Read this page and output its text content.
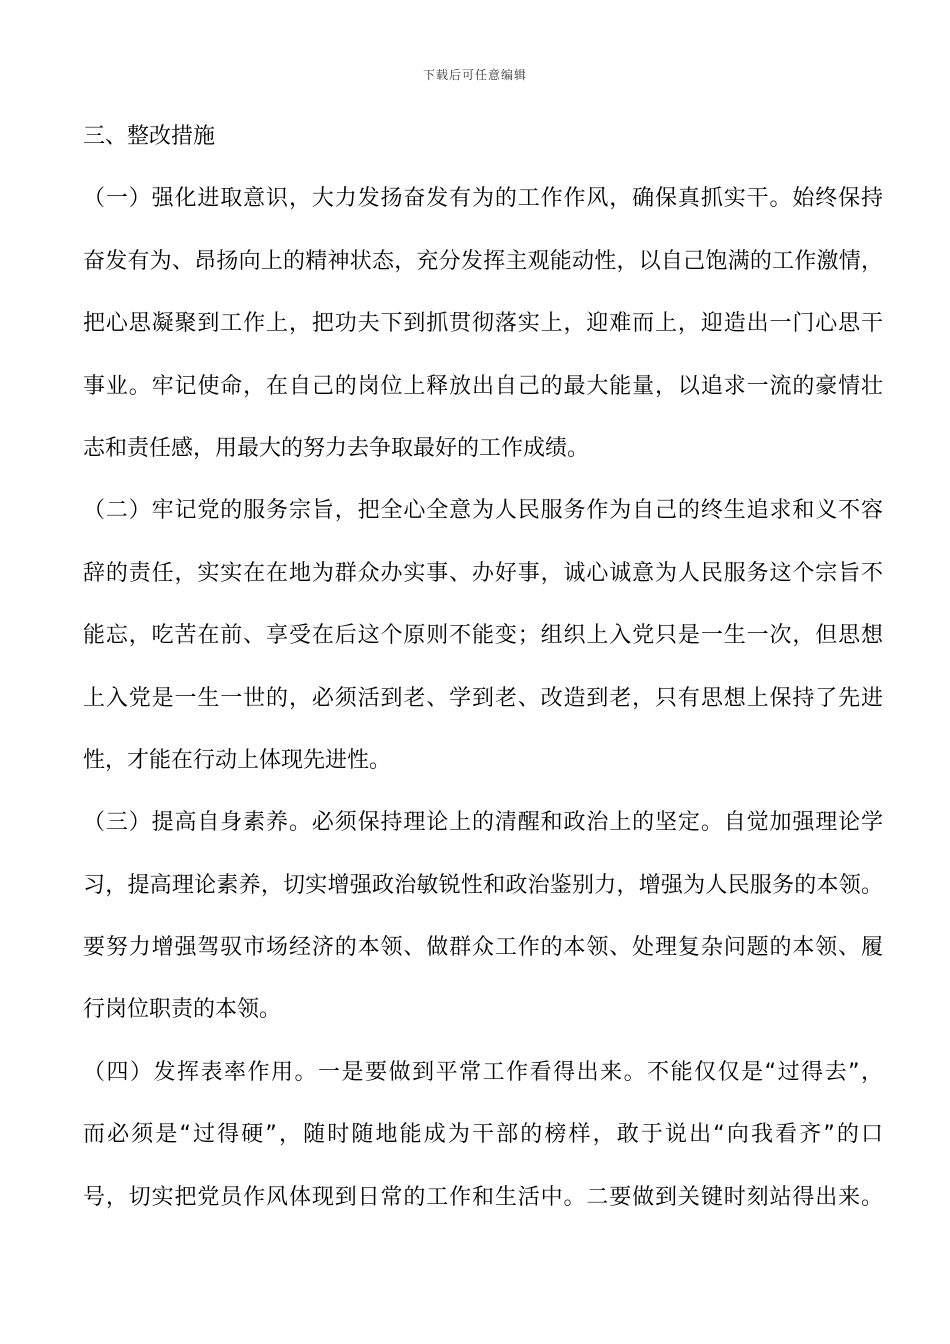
下载后可任意编辑
三、整改措施
（一）强化进取意识，大力发扬奋发有为的工作作风，确保真抓实干。始终保持
奋发有为、昂扬向上的精神状态，充分发挥主观能动性，以自己饱满的工作激情，
把心思凝聚到工作上，把功夫下到抓贯彻落实上，迎难而上，迎造出一门心思干
事业。牢记使命，在自己的岗位上释放出自己的最大能量，以追求一流的豪情壮
志和责任感，用最大的努力去争取最好的工作成绩。
（二）牢记党的服务宗旨，把全心全意为人民服务作为自己的终生追求和义不容
辞的责任，实实在在地为群众办实事、办好事，诚心诚意为人民服务这个宗旨不
能忘，吃苦在前、享受在后这个原则不能变；组织上入党只是一生一次，但思想
上入党是一生一世的，必须活到老、学到老、改造到老，只有思想上保持了先进
性，才能在行动上体现先进性。
（三）提高自身素养。必须保持理论上的清醒和政治上的坚定。自觉加强理论学
习，提高理论素养，切实增强政治敏锐性和政治鉴别力，增强为人民服务的本领。
要努力增强驾驭市场经济的本领、做群众工作的本领、处理复杂问题的本领、履
行岗位职责的本领。
（四）发挥表率作用。一是要做到平常工作看得出来。不能仅仅是“过得去”，
而必须是“过得硬”，随时随地能成为干部的榜样，敢于说出“向我看齐”的口
号，切实把党员作风体现到日常的工作和生活中。二要做到关键时刻站得出来。
